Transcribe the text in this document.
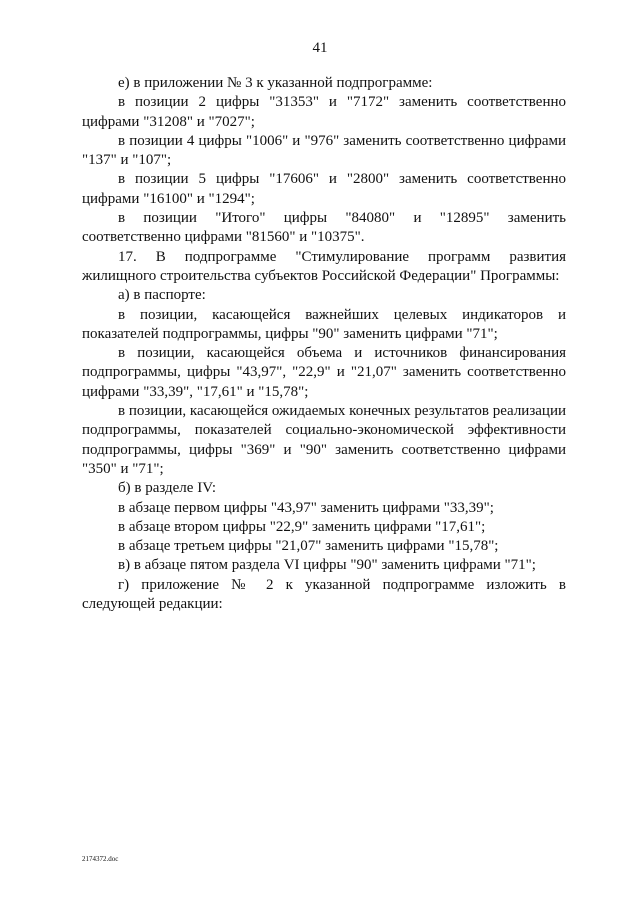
41

е) в приложении № 3 к указанной подпрограмме:

в позиции 2 цифры "31353" и "7172" заменить соответственно цифрами "31208" и "7027";

в позиции 4 цифры "1006" и "976" заменить соответственно цифрами "137" и "107";

в позиции 5 цифры "17606" и "2800" заменить соответственно цифрами "16100" и "1294";

в позиции "Итого" цифры "84080" и "12895" заменить соответственно цифрами "81560" и "10375".

17. В подпрограмме "Стимулирование программ развития жилищного строительства субъектов Российской Федерации" Программы:

а) в паспорте:

в позиции, касающейся важнейших целевых индикаторов и показателей подпрограммы, цифры "90" заменить цифрами "71";

в позиции, касающейся объема и источников финансирования подпрограммы, цифры "43,97", "22,9" и "21,07" заменить соответственно цифрами "33,39", "17,61" и "15,78";

в позиции, касающейся ожидаемых конечных результатов реализации подпрограммы, показателей социально-экономической эффективности подпрограммы, цифры "369" и "90" заменить соответственно цифрами "350" и "71";

б) в разделе IV:

в абзаце первом цифры "43,97" заменить цифрами "33,39";

в абзаце втором цифры "22,9" заменить цифрами "17,61";

в абзаце третьем цифры "21,07" заменить цифрами "15,78";

в) в абзаце пятом раздела VI цифры "90" заменить цифрами "71";

г) приложение № 2 к указанной подпрограмме изложить в следующей редакции:

2174372.doc
